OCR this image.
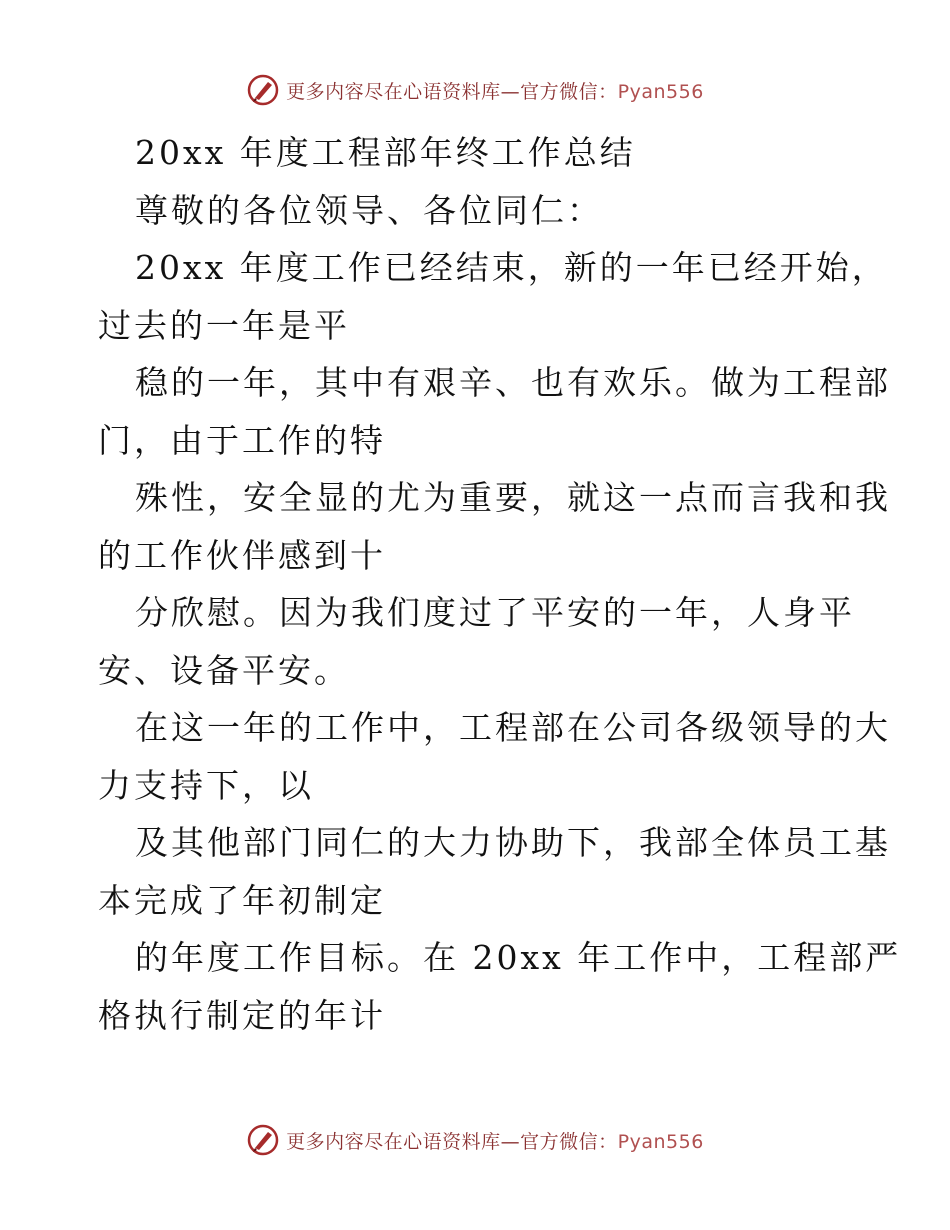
更多内容尽在心语资料库—官方微信：Pyan556
20xx 年度工程部年终工作总结
尊敬的各位领导、各位同仁：
20xx 年度工作已经结束，新的一年已经开始，
过去的一年是平
稳的一年，其中有艰辛、也有欢乐。做为工程部
门，由于工作的特
殊性，安全显的尤为重要，就这一点而言我和我
的工作伙伴感到十
分欣慰。因为我们度过了平安的一年，人身平
安、设备平安。
在这一年的工作中，工程部在公司各级领导的大
力支持下，以
及其他部门同仁的大力协助下，我部全体员工基
本完成了年初制定
的年度工作目标。在 20xx 年工作中，工程部严
格执行制定的年计
更多内容尽在心语资料库—官方微信：Pyan556
